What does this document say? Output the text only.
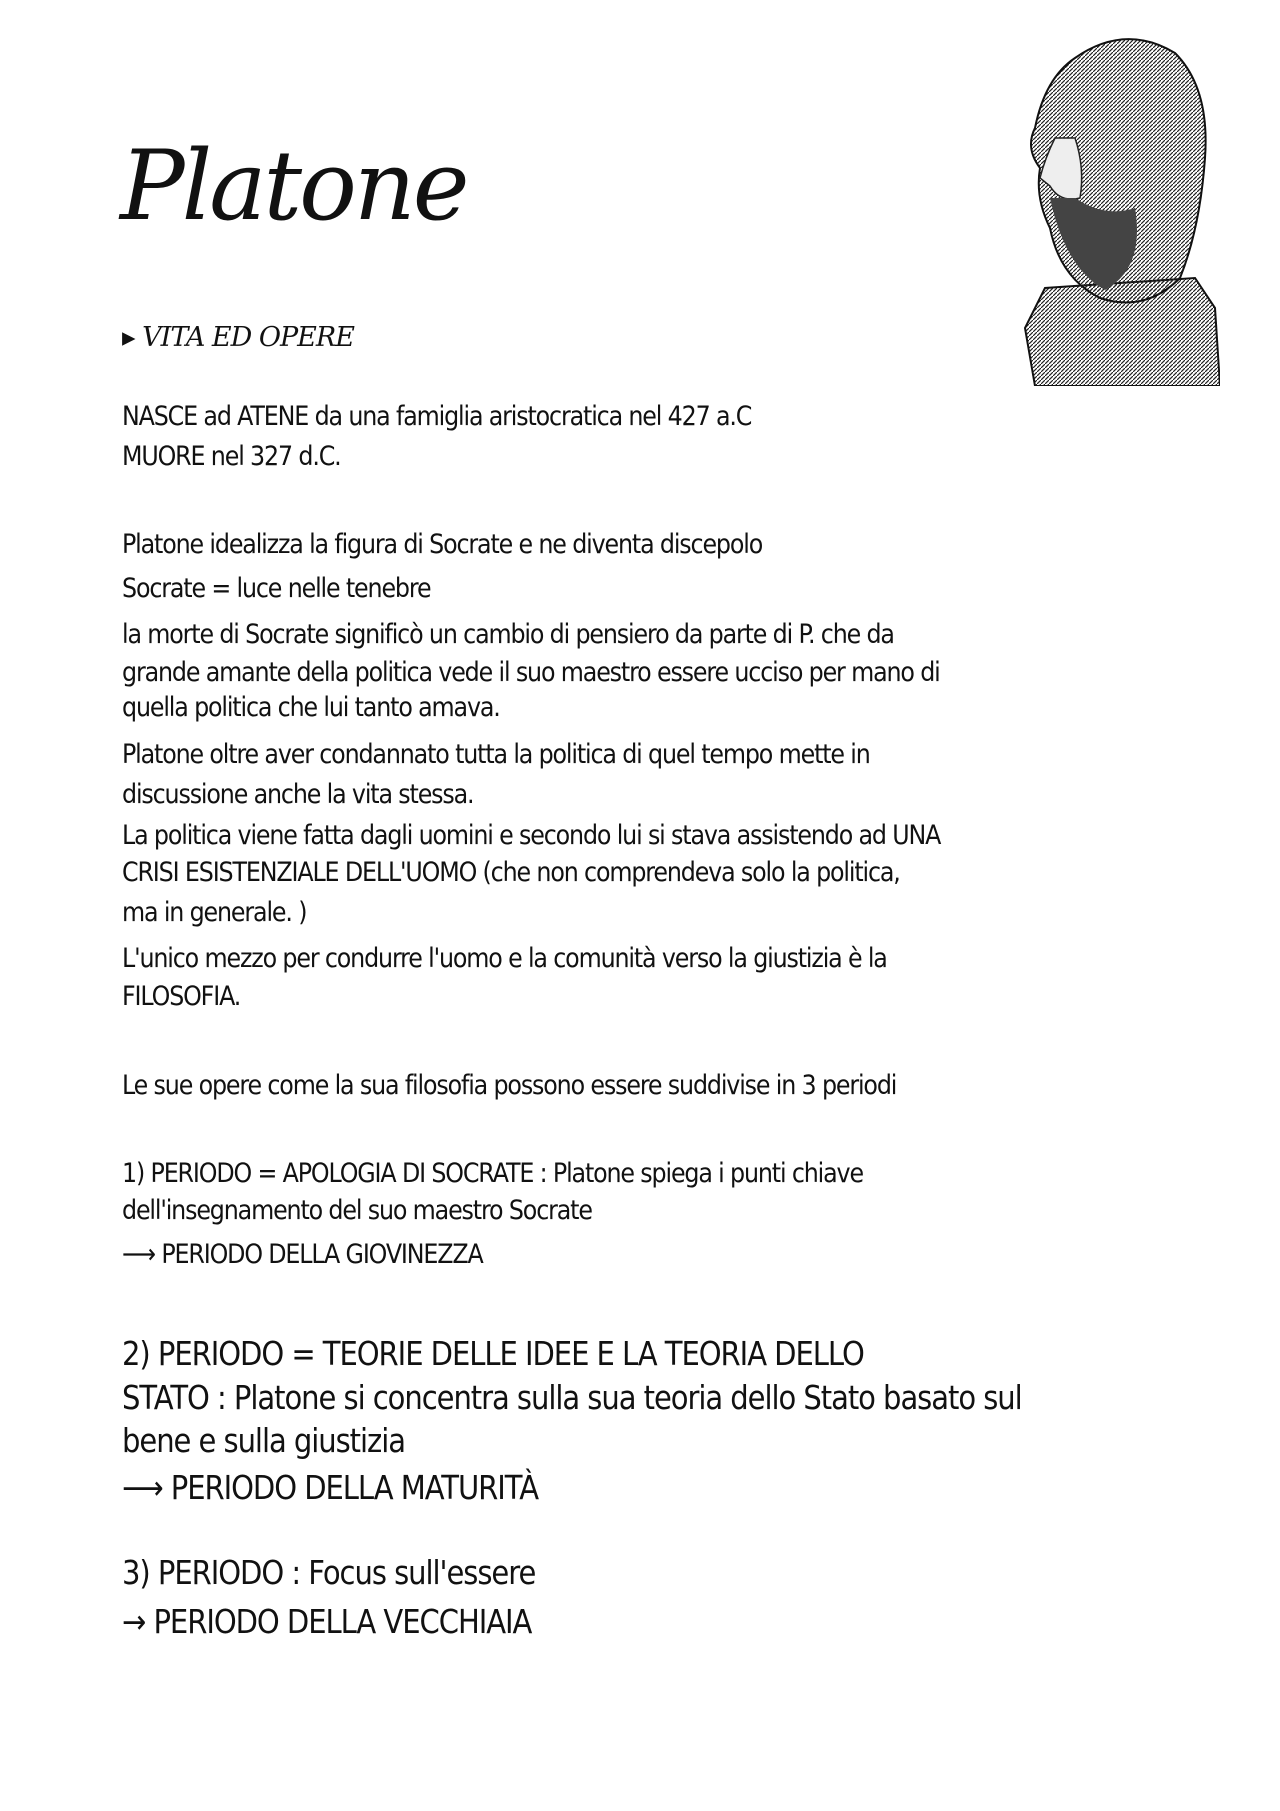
Platone
▸ VITA ED OPERE
NASCE ad ATENE da una famiglia aristocratica nel 427 a.C
MUORE nel 327 d.C.
Platone idealizza la figura di Socrate e ne diventa discepolo
Socrate = luce nelle tenebre
la morte di Socrate significò un cambio di pensiero da parte di P. che da
grande amante della politica vede il suo maestro essere ucciso per mano di
quella politica che lui tanto amava.
Platone oltre aver condannato tutta la politica di quel tempo mette in
discussione anche la vita stessa.
La politica viene fatta dagli uomini e secondo lui si stava assistendo ad UNA
CRISI ESISTENZIALE DELL'UOMO (che non comprendeva solo la politica,
ma in generale. )
L'unico mezzo per condurre l'uomo e la comunità verso la giustizia è la
FILOSOFIA.
Le sue opere come la sua filosofia possono essere suddivise in 3 periodi
1) PERIODO = APOLOGIA DI SOCRATE : Platone spiega i punti chiave
dell'insegnamento del suo maestro Socrate
⟶ PERIODO DELLA GIOVINEZZA
2) PERIODO = TEORIE DELLE IDEE E LA TEORIA DELLO
STATO : Platone si concentra sulla sua teoria dello Stato basato sul
bene e sulla giustizia
⟶ PERIODO DELLA MATURITÀ
3) PERIODO : Focus sull'essere
→ PERIODO DELLA VECCHIAIA
